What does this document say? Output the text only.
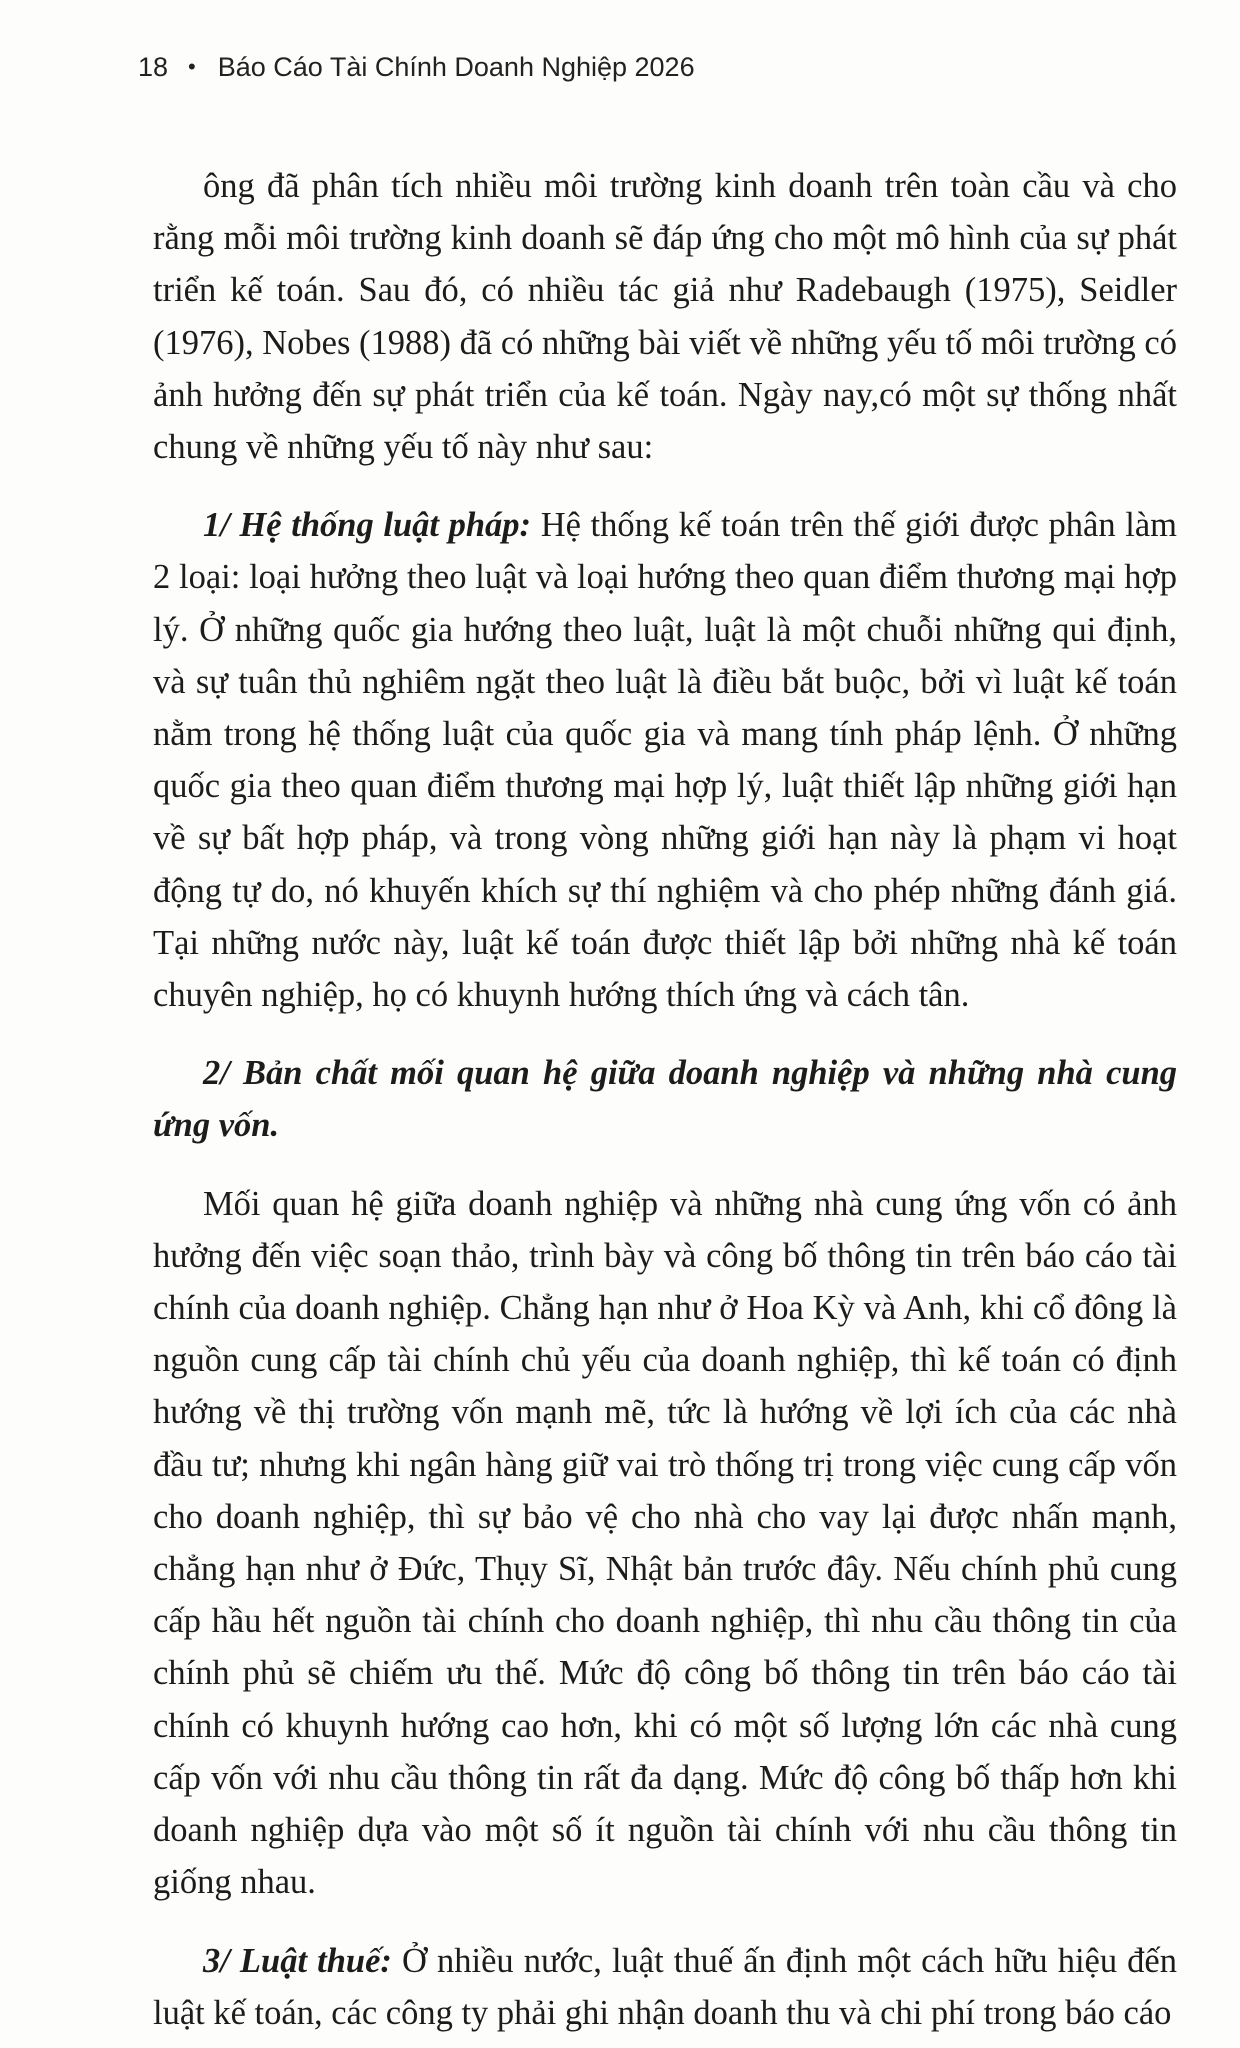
18 • Báo Cáo Tài Chính Doanh Nghiệp 2026

ông đã phân tích nhiều môi trường kinh doanh trên toàn cầu và cho rằng mỗi môi trường kinh doanh sẽ đáp ứng cho một mô hình của sự phát triển kế toán. Sau đó, có nhiều tác giả như Radebaugh (1975), Seidler (1976), Nobes (1988) đã có những bài viết về những yếu tố môi trường có ảnh hưởng đến sự phát triển của kế toán. Ngày nay,có một sự thống nhất chung về những yếu tố này như sau:

1/ Hệ thống luật pháp: Hệ thống kế toán trên thế giới được phân làm 2 loại: loại hưởng theo luật và loại hướng theo quan điểm thương mại hợp lý. Ở những quốc gia hướng theo luật, luật là một chuỗi những qui định, và sự tuân thủ nghiêm ngặt theo luật là điều bắt buộc, bởi vì luật kế toán nằm trong hệ thống luật của quốc gia và mang tính pháp lệnh. Ở những quốc gia theo quan điểm thương mại hợp lý, luật thiết lập những giới hạn về sự bất hợp pháp, và trong vòng những giới hạn này là phạm vi hoạt động tự do, nó khuyến khích sự thí nghiệm và cho phép những đánh giá. Tại những nước này, luật kế toán được thiết lập bởi những nhà kế toán chuyên nghiệp, họ có khuynh hướng thích ứng và cách tân.

2/ Bản chất mối quan hệ giữa doanh nghiệp và những nhà cung ứng vốn.

Mối quan hệ giữa doanh nghiệp và những nhà cung ứng vốn có ảnh hưởng đến việc soạn thảo, trình bày và công bố thông tin trên báo cáo tài chính của doanh nghiệp. Chẳng hạn như ở Hoa Kỳ và Anh, khi cổ đông là nguồn cung cấp tài chính chủ yếu của doanh nghiệp, thì kế toán có định hướng về thị trường vốn mạnh mẽ, tức là hướng về lợi ích của các nhà đầu tư; nhưng khi ngân hàng giữ vai trò thống trị trong việc cung cấp vốn cho doanh nghiệp, thì sự bảo vệ cho nhà cho vay lại được nhấn mạnh, chẳng hạn như ở Đức, Thụy Sĩ, Nhật bản trước đây. Nếu chính phủ cung cấp hầu hết nguồn tài chính cho doanh nghiệp, thì nhu cầu thông tin của chính phủ sẽ chiếm ưu thế. Mức độ công bố thông tin trên báo cáo tài chính có khuynh hướng cao hơn, khi có một số lượng lớn các nhà cung cấp vốn với nhu cầu thông tin rất đa dạng. Mức độ công bố thấp hơn khi doanh nghiệp dựa vào một số ít nguồn tài chính với nhu cầu thông tin giống nhau.

3/ Luật thuế: Ở nhiều nước, luật thuế ấn định một cách hữu hiệu đến luật kế toán, các công ty phải ghi nhận doanh thu và chi phí trong báo cáo
